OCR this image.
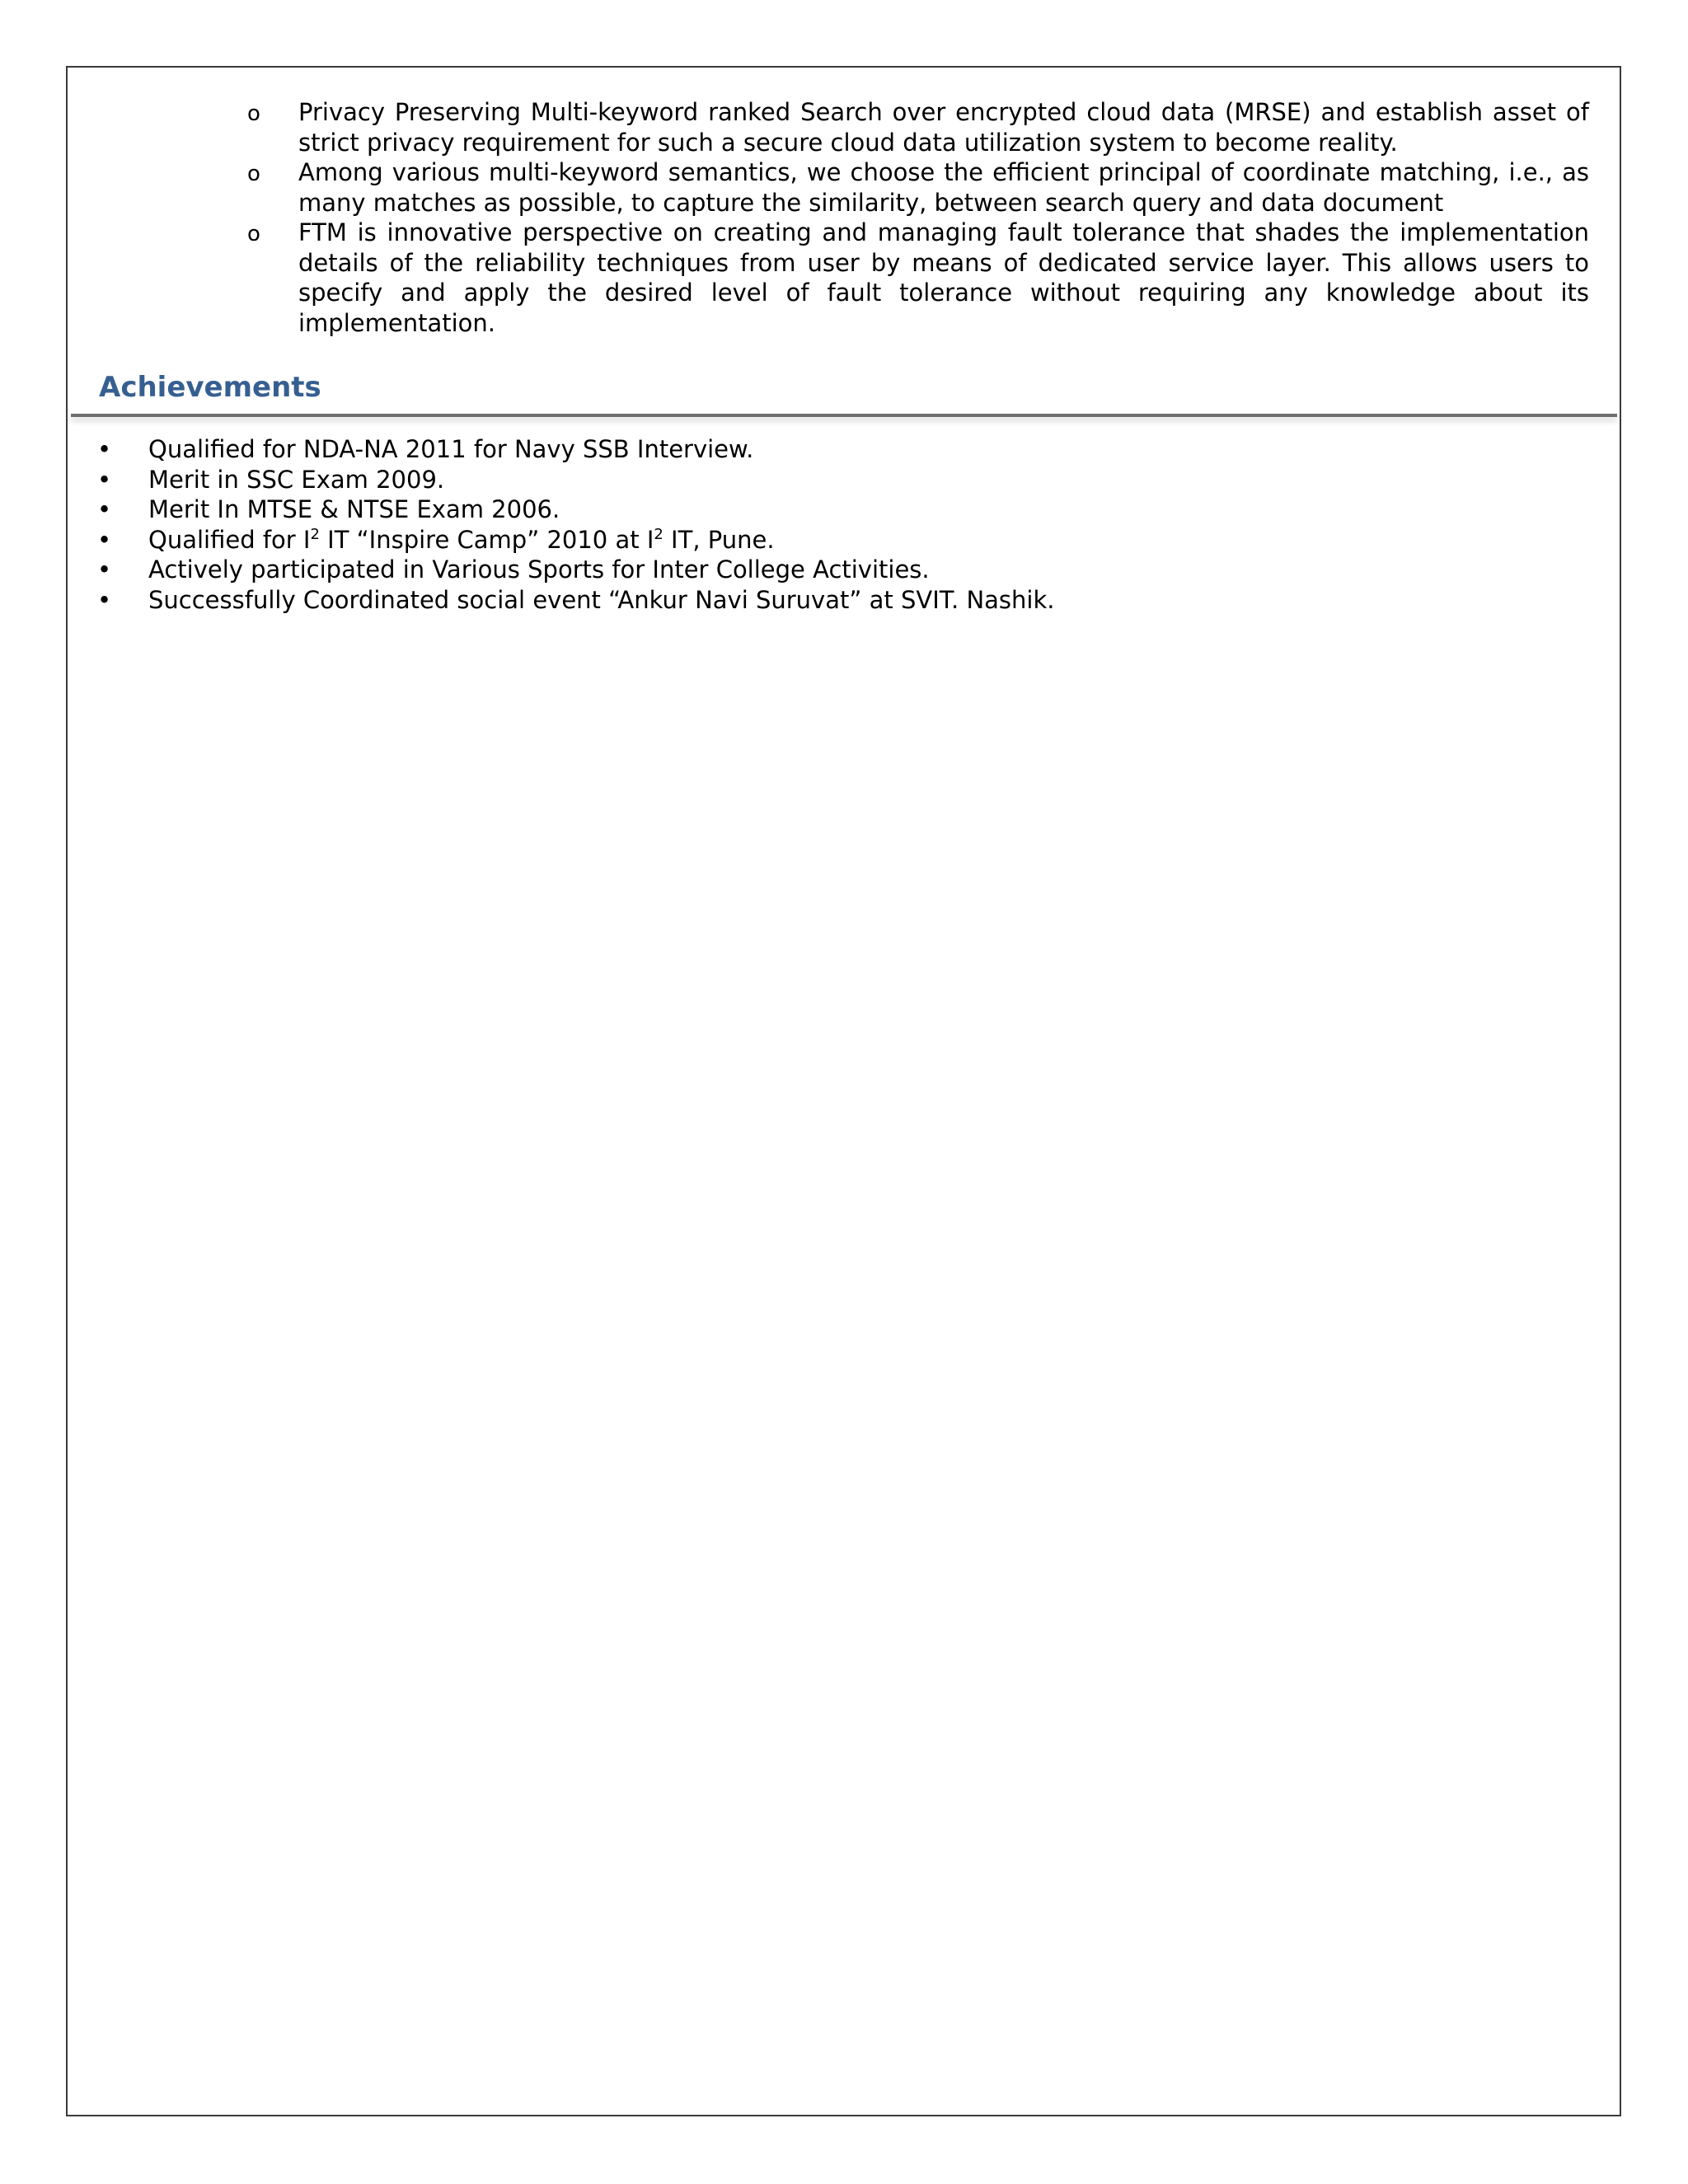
o Privacy Preserving Multi-keyword ranked Search over encrypted cloud data (MRSE) and establish asset of strict privacy requirement for such a secure cloud data utilization system to become reality.
o Among various multi-keyword semantics, we choose the efficient principal of coordinate matching, i.e., as many matches as possible, to capture the similarity, between search query and data document
o FTM is innovative perspective on creating and managing fault tolerance that shades the implementation details of the reliability techniques from user by means of dedicated service layer. This allows users to specify and apply the desired level of fault tolerance without requiring any knowledge about its implementation.
Achievements
• Qualified for NDA-NA 2011 for Navy SSB Interview.
• Merit in SSC Exam 2009.
• Merit In MTSE & NTSE Exam 2006.
• Qualified for $I^2$ IT “Inspire Camp” 2010 at $I^2$ IT, Pune.
• Actively participated in Various Sports for Inter College Activities.
• Successfully Coordinated social event “Ankur Navi Suruvat” at SVIT. Nashik.
